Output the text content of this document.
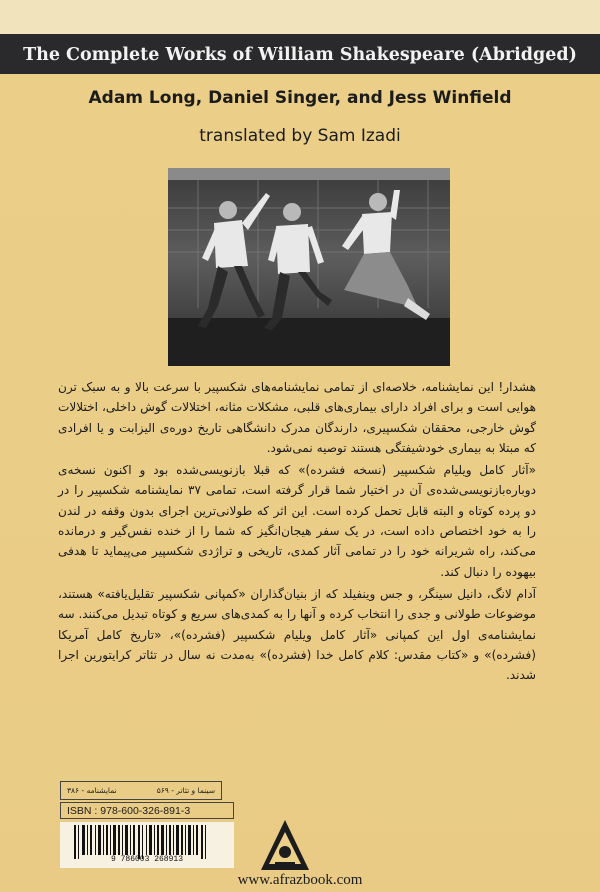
The Complete Works of William Shakespeare (Abridged)
Adam Long, Daniel Singer, and Jess Winfield
translated by Sam Izadi

هشدار! این نمایشنامه، خلاصه‌ای از تمامی نمایشنامه‌های شکسپیر با سرعت بالا و به سبک ترن هوایی است و برای افراد دارای بیماری‌های قلبی، مشکلات مثانه، اختلالات گوش داخلی، اختلالات گوش خارجی، محققان شکسپیری، دارندگان مدرک دانشگاهی تاریخ دوره‌ی الیزابت و یا افرادی که مبتلا به بیماری خودشیفتگی هستند توصیه نمی‌شود.

«آثار کامل ویلیام شکسپیر (نسخه فشرده)» که قبلا بازنویسی‌شده بود و اکنون نسخه‌ی دوباره‌بازنویسی‌شده‌ی آن در اختیار شما قرار گرفته است، تمامی ۳۷ نمایشنامه شکسپیر را در دو پرده کوتاه و البته قابل تحمل کرده است. این اثر که طولانی‌ترین اجرای بدون وقفه در لندن را به خود اختصاص داده است، در یک سفر هیجان‌انگیز که شما را از خنده نفس‌گیر و درمانده می‌کند، راه شریرانه خود را در تمامی آثار کمدی، تاریخی و تراژدی شکسپیر می‌پیماید تا هدفی بیهوده را دنبال کند.

آدام لانگ، دانیل سینگر، و جس وینفیلد که از بنیان‌گذاران «کمپانی شکسپیر تقلیل‌یافته» هستند، موضوعات طولانی و جدی را انتخاب کرده و آنها را به کمدی‌های سریع و کوتاه تبدیل می‌کنند. سه نمایشنامه‌ی اول این کمپانی «آثار کامل ویلیام شکسپیر (فشرده)»، «تاریخ کامل آمریکا (فشرده)» و «کتاب مقدس: کلام کامل خدا (فشرده)» به‌مدت نه سال در تئاتر کرایتورین اجرا شدند.

سینما و تئاتر - ۵۶۹
نمایشنامه - ۳۸۶
ISBN : 978-600-326-891-3
9 786003 268913
www.afrazbook.com
